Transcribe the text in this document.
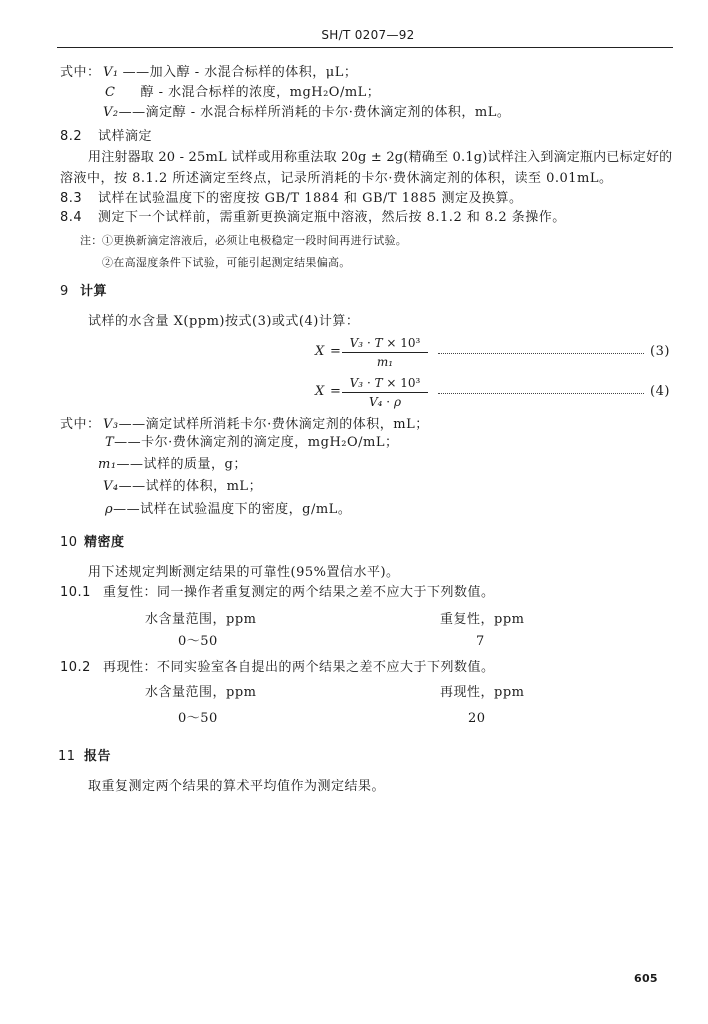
SH/T 0207—92
式中： V₁ ——加入醇 - 水混合标样的体积，μL；
C 醇 - 水混合标样的浓度，mgH₂O/mL；
V₂——滴定醇 - 水混合标样所消耗的卡尔·费休滴定剂的体积，mL。
8.2 试样滴定
用注射器取 20 - 25mL 试样或用称重法取 20g ± 2g(精确至 0.1g)试样注入到滴定瓶内已标定好的
溶液中，按 8.1.2 所述滴定至终点，记录所消耗的卡尔·费休滴定剂的体积，读至 0.01mL。
8.3 试样在试验温度下的密度按 GB/T 1884 和 GB/T 1885 测定及换算。
8.4 测定下一个试样前，需重新更换滴定瓶中溶液，然后按 8.1.2 和 8.2 条操作。
注： ①更换新滴定溶液后，必须让电极稳定一段时间再进行试验。
②在高湿度条件下试验，可能引起测定结果偏高。
9 计算
试样的水含量 X(ppm)按式(3)或式(4)计算：
X =
V₃ · T × 10³
m₁
(3)
X =
V₃ · T × 10³
V₄ · ρ
(4)
式中： V₃——滴定试样所消耗卡尔·费休滴定剂的体积，mL；
T——卡尔·费休滴定剂的滴定度，mgH₂O/mL；
m₁——试样的质量，g；
V₄——试样的体积，mL；
ρ——试样在试验温度下的密度，g/mL。
10 精密度
用下述规定判断测定结果的可靠性(95%置信水平)。
10.1 重复性：同一操作者重复测定的两个结果之差不应大于下列数值。
水含量范围，ppm	重复性，ppm
0～50	7
10.2 再现性：不同实验室各自提出的两个结果之差不应大于下列数值。
水含量范围，ppm	再现性，ppm
0～50	20
11 报告
取重复测定两个结果的算术平均值作为测定结果。
605
